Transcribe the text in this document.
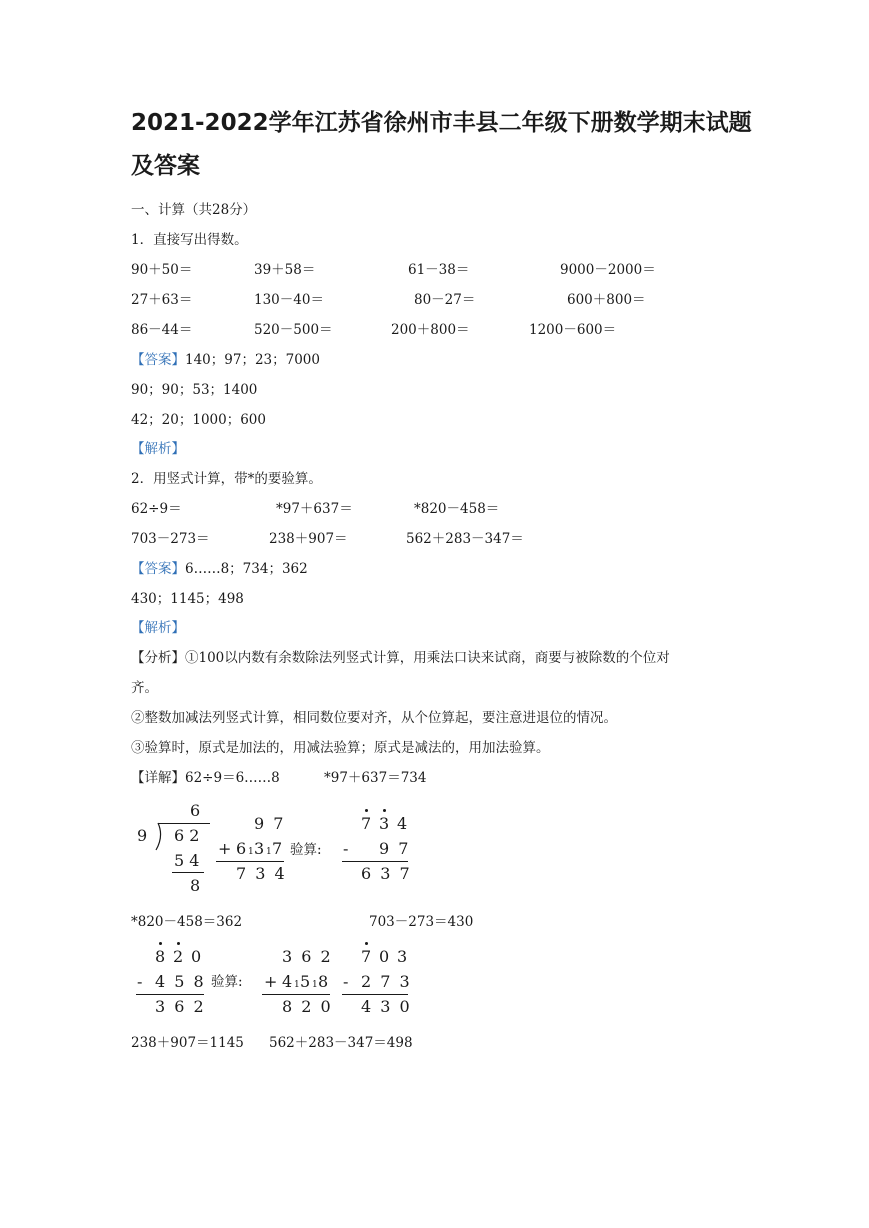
2021-2022学年江苏省徐州市丰县二年级下册数学期末试题
及答案
一、计算（共28分）
1．直接写出得数。
90＋50＝	39＋58＝	61－38＝	9000－2000＝
27＋63＝	130－40＝	80－27＝	600＋800＝
86－44＝	520－500＝	200＋800＝	1200－600＝
【答案】140；97；23；7000
90；90；53；1400
42；20；1000；600
【解析】
2．用竖式计算，带*的要验算。
62÷9＝	*97＋637＝	*820－458＝
703－273＝	238＋907＝	562＋283－347＝
【答案】6……8；734；362
430；1145；498
【解析】
【分析】①100以内数有余数除法列竖式计算，用乘法口诀来试商，商要与被除数的个位对
齐。
②整数加减法列竖式计算，相同数位要对齐，从个位算起，要注意进退位的情况。
③验算时，原式是加法的，用减法验算；原式是减法的，用加法验算。
【详解】62÷9＝6……8	*97＋637＝734
6
9 6 2
5 4
8
9 7
+ 6 1 3 1 7
7 3 4
验算:
7 3 4
- 9 7
6 3 7
*820－458＝362	703－273＝430
8 2 0
- 4 5 8
3 6 2
验算:
3 6 2
+ 4 1 5 1 8
8 2 0
7 0 3
- 2 7 3
4 3 0
238＋907＝1145 562＋283－347＝498
